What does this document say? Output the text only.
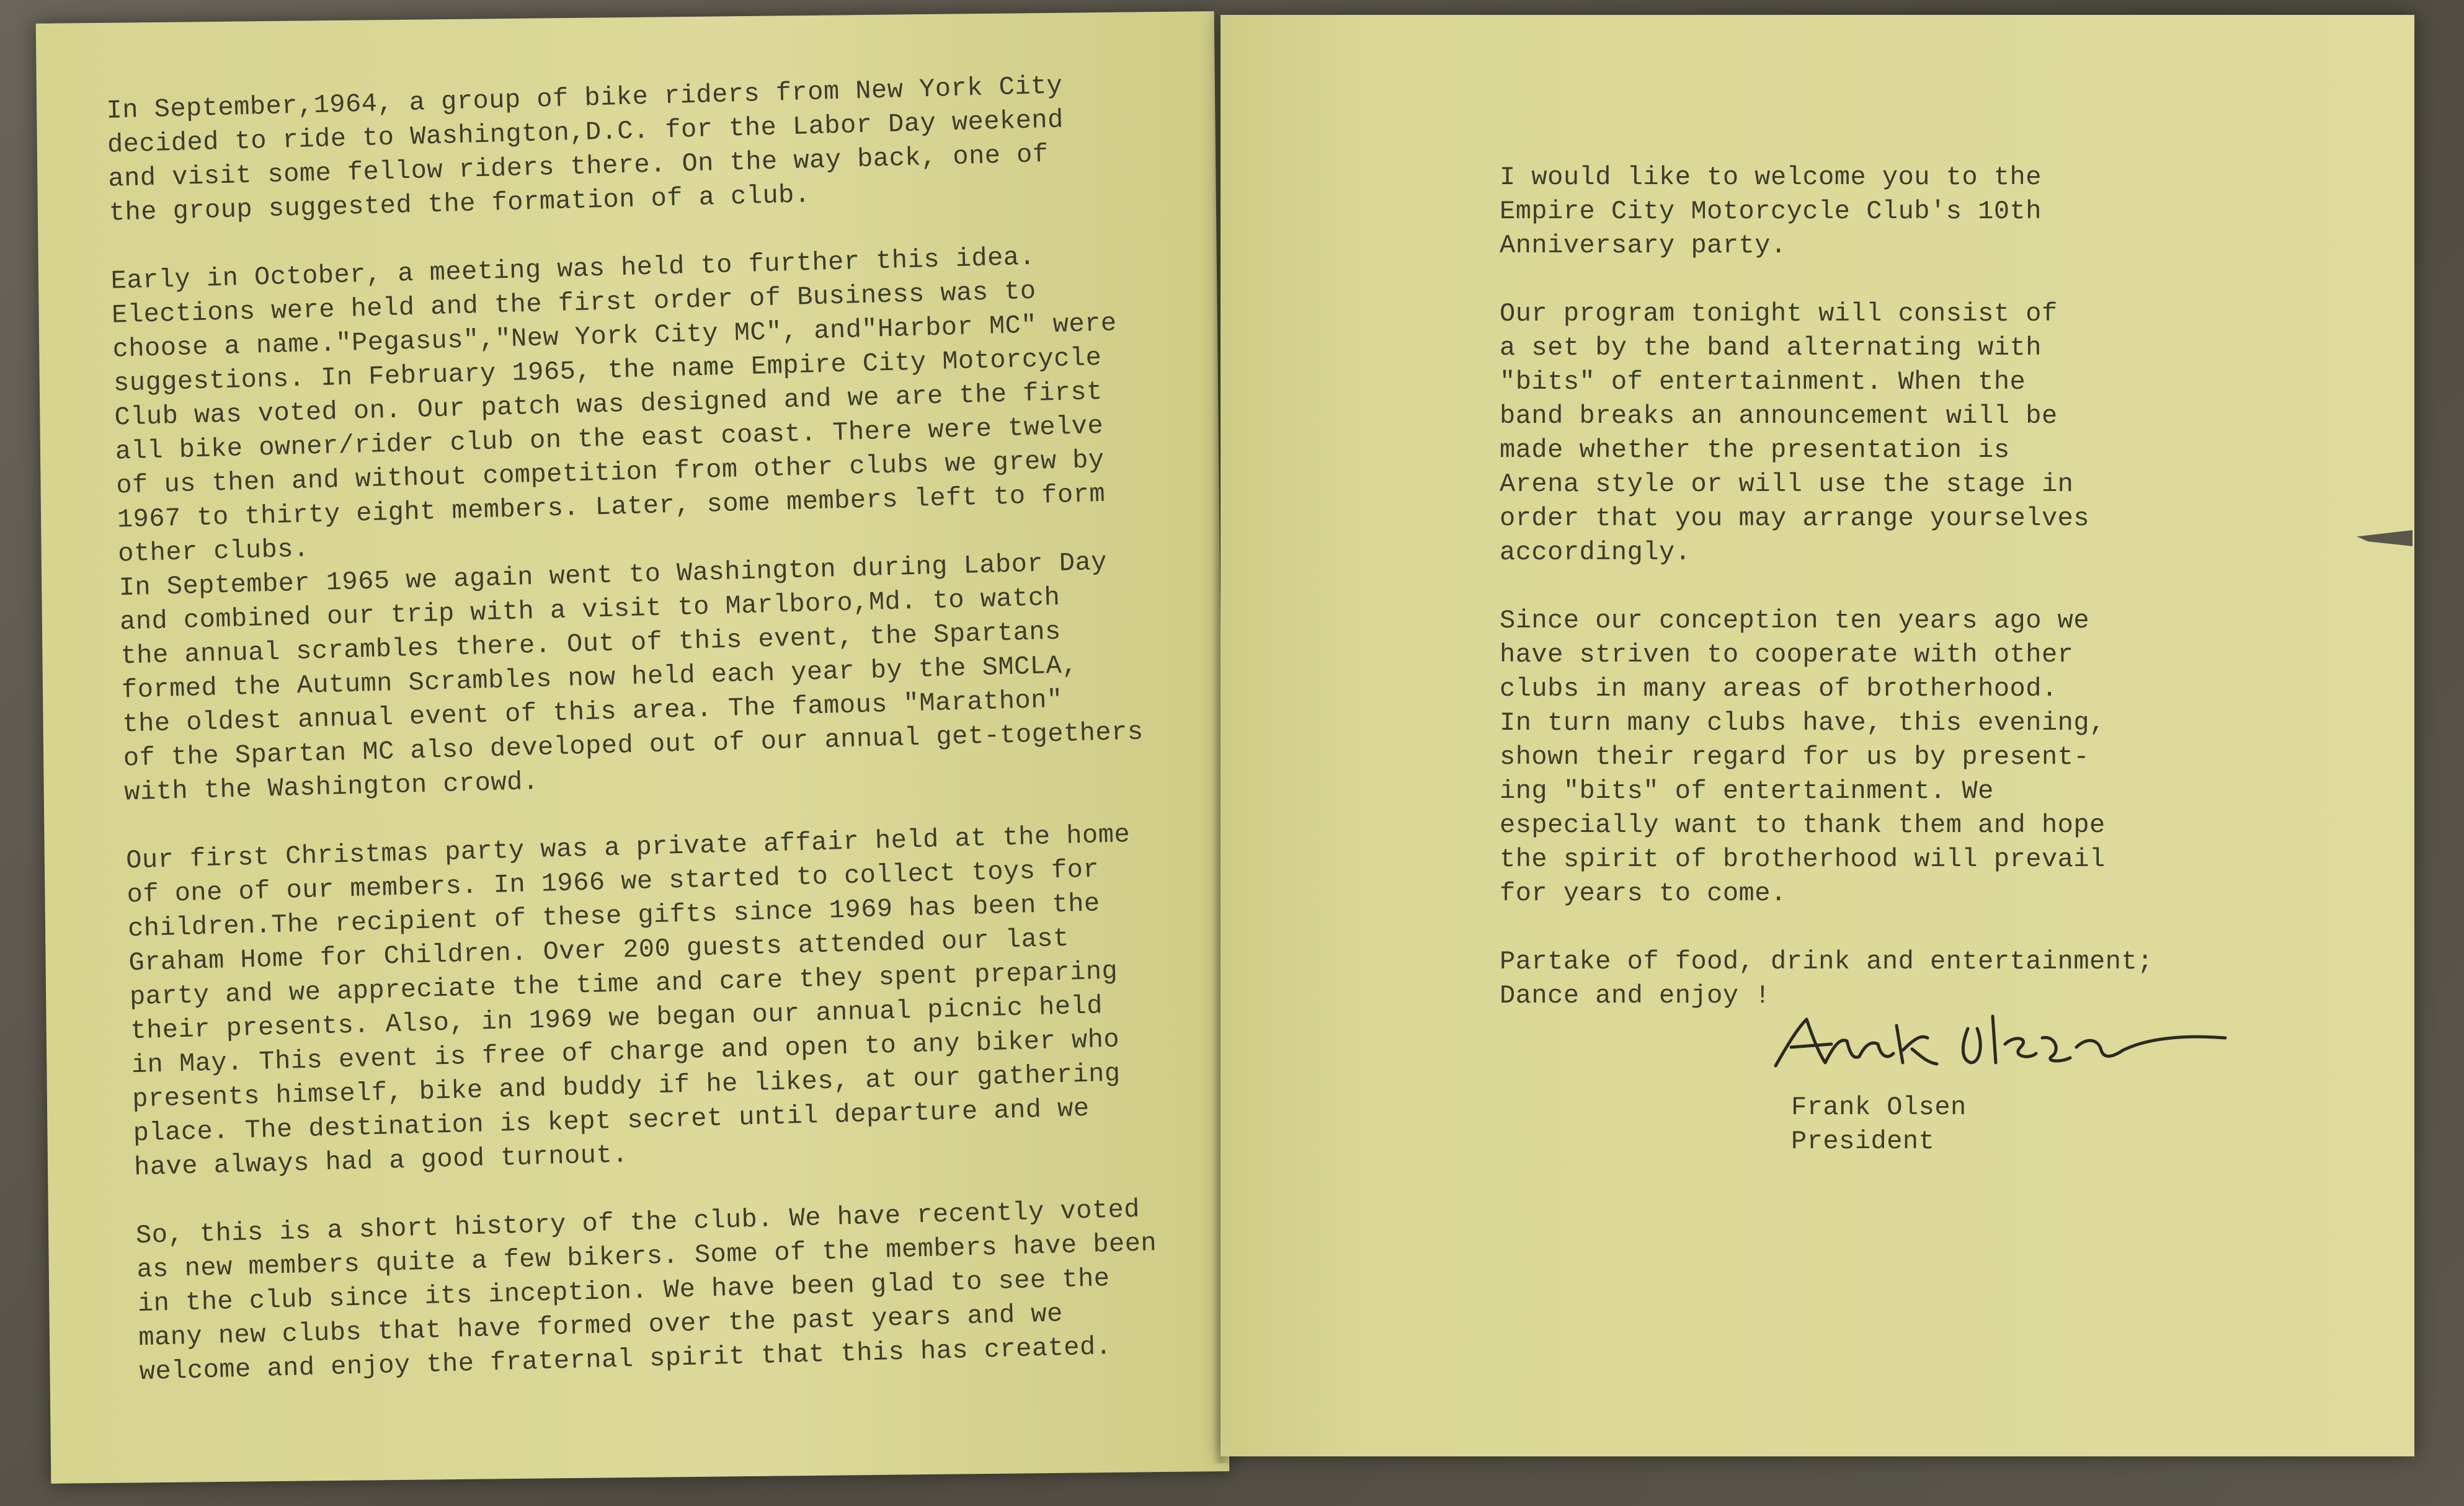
In September,1964, a group of bike riders from New York City
decided to ride to Washington,D.C. for the Labor Day weekend
and visit some fellow riders there. On the way back, one of
the group suggested the formation of a club.

Early in October, a meeting was held to further this idea.
Elections were held and the first order of Business was to
choose a name."Pegasus","New York City MC", and"Harbor MC" were
suggestions. In February 1965, the name Empire City Motorcycle
Club was voted on. Our patch was designed and we are the first
all bike owner/rider club on the east coast. There were twelve
of us then and without competition from other clubs we grew by
1967 to thirty eight members. Later, some members left to form
other clubs.
In September 1965 we again went to Washington during Labor Day
and combined our trip with a visit to Marlboro,Md. to watch
the annual scrambles there. Out of this event, the Spartans
formed the Autumn Scrambles now held each year by the SMCLA,
the oldest annual event of this area. The famous "Marathon"
of the Spartan MC also developed out of our annual get-togethers
with the Washington crowd.

Our first Christmas party was a private affair held at the home
of one of our members. In 1966 we started to collect toys for
children.The recipient of these gifts since 1969 has been the
Graham Home for Children. Over 200 guests attended our last
party and we appreciate the time and care they spent preparing
their presents. Also, in 1969 we began our annual picnic held
in May. This event is free of charge and open to any biker who
presents himself, bike and buddy if he likes, at our gathering
place. The destination is kept secret until departure and we
have always had a good turnout.

So, this is a short history of the club. We have recently voted
as new members quite a few bikers. Some of the members have been
in the club since its inception. We have been glad to see the
many new clubs that have formed over the past years and we
welcome and enjoy the fraternal spirit that this has created.
I would like to welcome you to the
Empire City Motorcycle Club's 10th
Anniversary party.

Our program tonight will consist of
a set by the band alternating with
"bits" of entertainment. When the
band breaks an announcement will be
made whether the presentation is
Arena style or will use the stage in
order that you may arrange yourselves
accordingly.

Since our conception ten years ago we
have striven to cooperate with other
clubs in many areas of brotherhood.
In turn many clubs have, this evening,
shown their regard for us by present-
ing "bits" of entertainment. We
especially want to thank them and hope
the spirit of brotherhood will prevail
for years to come.

Partake of food, drink and entertainment;
Dance and enjoy !
Frank Olsen
President
